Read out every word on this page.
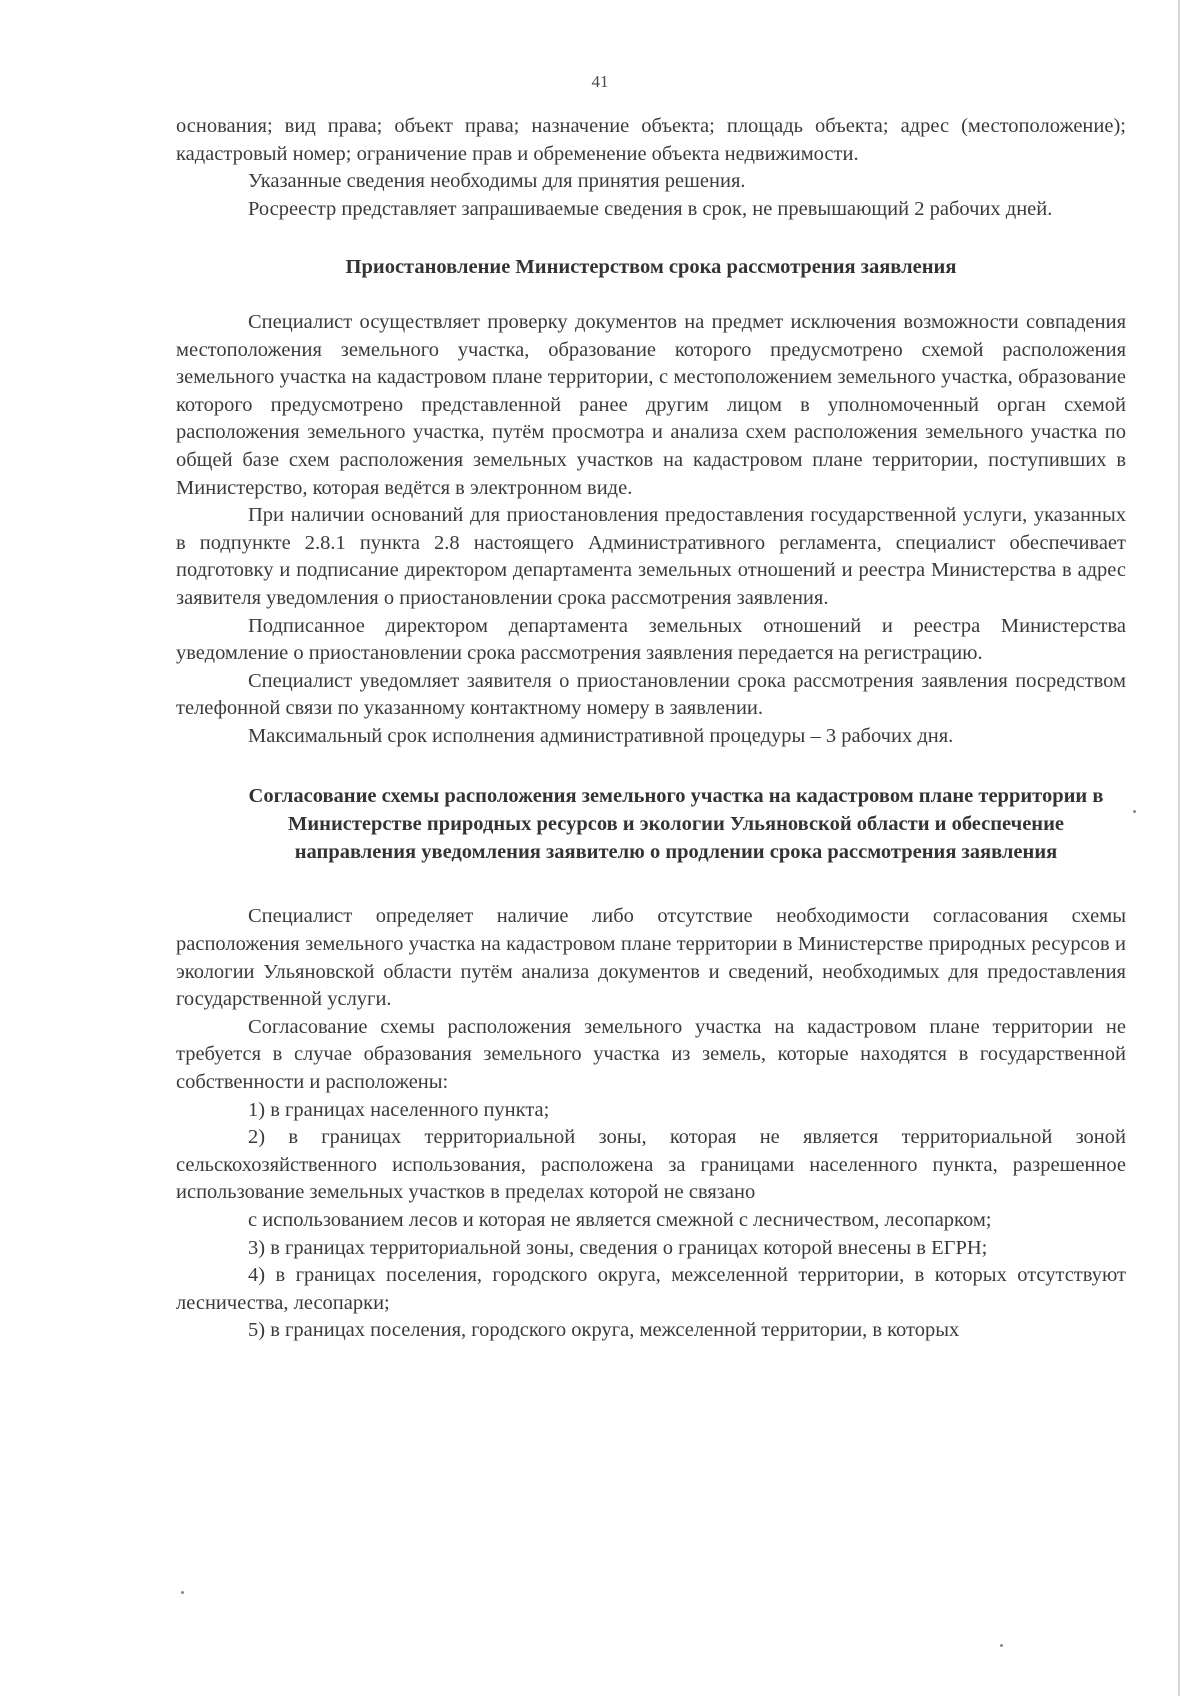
41

основания; вид права; объект права; назначение объекта; площадь объекта; адрес (местоположение); кадастровый номер; ограничение прав и обременение объекта недвижимости.

Указанные сведения необходимы для принятия решения.

Росреестр представляет запрашиваемые сведения в срок, не превышающий 2 рабочих дней.

Приостановление Министерством срока рассмотрения заявления

Специалист осуществляет проверку документов на предмет исключения возможности совпадения местоположения земельного участка, образование которого предусмотрено схемой расположения земельного участка на кадастровом плане территории, с местоположением земельного участка, образование которого предусмотрено представленной ранее другим лицом в уполномоченный орган схемой расположения земельного участка, путём просмотра и анализа схем расположения земельного участка по общей базе схем расположения земельных участков на кадастровом плане территории, поступивших в Министерство, которая ведётся в электронном виде.

При наличии оснований для приостановления предоставления государственной услуги, указанных в подпункте 2.8.1 пункта 2.8 настоящего Административного регламента, специалист обеспечивает подготовку и подписание директором департамента земельных отношений и реестра Министерства в адрес заявителя уведомления о приостановлении срока рассмотрения заявления.

Подписанное директором департамента земельных отношений и реестра Министерства уведомление о приостановлении срока рассмотрения заявления передается на регистрацию.

Специалист уведомляет заявителя о приостановлении срока рассмотрения заявления посредством телефонной связи по указанному контактному номеру в заявлении.

Максимальный срок исполнения административной процедуры – 3 рабочих дня.

Согласование схемы расположения земельного участка на кадастровом плане территории в Министерстве природных ресурсов и экологии Ульяновской области и обеспечение направления уведомления заявителю о продлении срока рассмотрения заявления

Специалист определяет наличие либо отсутствие необходимости согласования схемы расположения земельного участка на кадастровом плане территории в Министерстве природных ресурсов и экологии Ульяновской области путём анализа документов и сведений, необходимых для предоставления государственной услуги.

Согласование схемы расположения земельного участка на кадастровом плане территории не требуется в случае образования земельного участка из земель, которые находятся в государственной собственности и расположены:

1) в границах населенного пункта;

2) в границах территориальной зоны, которая не является территориальной зоной сельскохозяйственного использования, расположена за границами населенного пункта, разрешенное использование земельных участков в пределах которой не связано

с использованием лесов и которая не является смежной с лесничеством, лесопарком;

3) в границах территориальной зоны, сведения о границах которой внесены в ЕГРН;

4) в границах поселения, городского округа, межселенной территории, в которых отсутствуют лесничества, лесопарки;

5) в границах поселения, городского округа, межселенной территории, в которых
